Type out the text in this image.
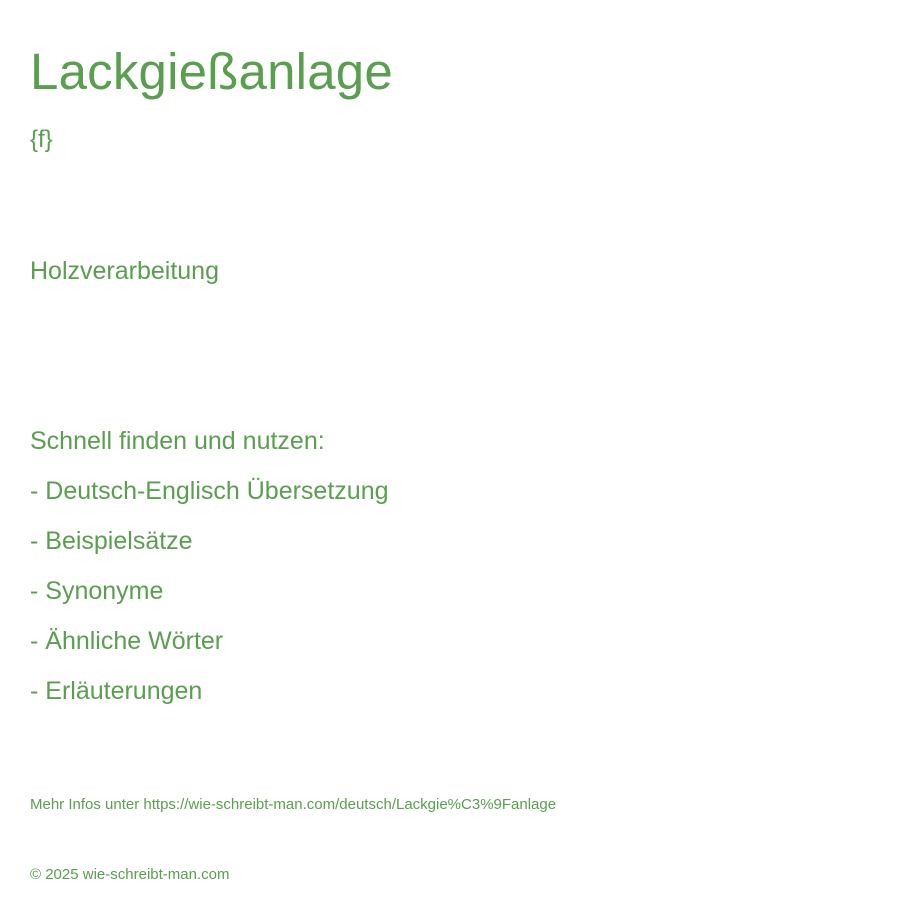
Lackgießanlage
{f}
Holzverarbeitung
Schnell finden und nutzen:
- Deutsch-Englisch Übersetzung
- Beispielsätze
- Synonyme
- Ähnliche Wörter
- Erläuterungen
Mehr Infos unter https://wie-schreibt-man.com/deutsch/Lackgie%C3%9Fanlage
© 2025 wie-schreibt-man.com
